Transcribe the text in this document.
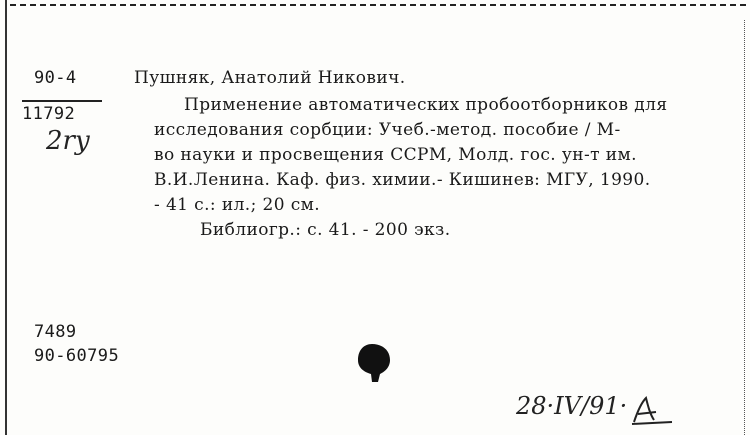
90-4
11792
2ry
Пушняк, Анатолий Никович.
Применение автоматических пробоотборников для
исследования сорбции: Учеб.-метод. пособие / М-
во науки и просвещения ССРМ, Молд. гос. ун-т им.
В.И.Ленина. Каф. физ. химии.- Кишинев: МГУ, 1990.
- 41 с.: ил.; 20 см.
Библиогр.: с. 41. - 200 экз.
7489
90-60795
28·IV/91·
